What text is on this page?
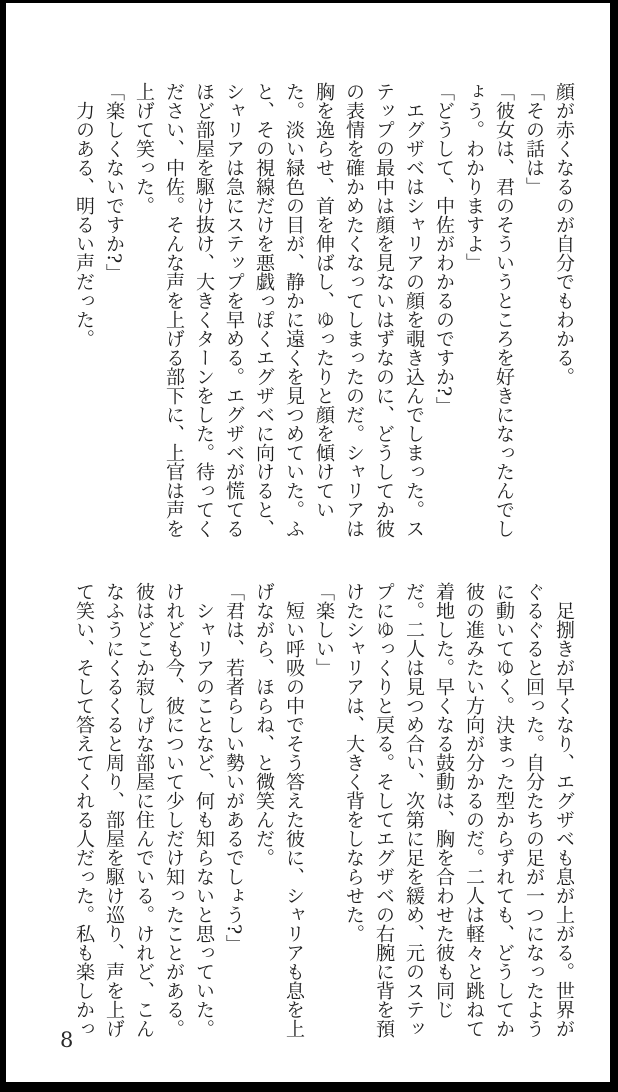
顔が赤くなるのが自分でもわかる。

「その話は」

「彼女は、君のそういうところを好きになったんでしょう。わかりますよ」

「どうして、中佐がわかるのですか?」

エグザベはシャリアの顔を覗き込んでしまった。ステップの最中は顔を見ないはずなのに、どうしてか彼の表情を確かめたくなってしまったのだ。シャリアは胸を逸らせ、首を伸ばし、ゆったりと顔を傾けていた。淡い緑色の目が、静かに遠くを見つめていた。ふと、その視線だけを悪戯っぽくエグザベに向けると、シャリアは急にステップを早める。エグザベが慌てるほど部屋を駆け抜け、大きくターンをした。待ってください、中佐。そんな声を上げる部下に、上官は声を上げて笑った。

「楽しくないですか?」

力のある、明るい声だった。

足捌きが早くなり、エグザベも息が上がる。世界がぐるぐると回った。自分たちの足が一つになったように動いてゆく。決まった型からずれても、どうしてか彼の進みたい方向が分かるのだ。二人は軽々と跳ねて着地した。早くなる鼓動は、胸を合わせた彼も同じだ。二人は見つめ合い、次第に足を緩め、元のステップにゆっくりと戻る。そしてエグザベの右腕に背を預けたシャリアは、大きく背をしならせた。

「楽しい」

短い呼吸の中でそう答えた彼に、シャリアも息を上げながら、ほらね、と微笑んだ。

「君は、若者らしい勢いがあるでしょう?」

シャリアのことなど、何も知らないと思っていた。けれども今、彼について少しだけ知ったことがある。彼はどこか寂しげな部屋に住んでいる。けれど、こんなふうにくるくると周り、部屋を駆け巡り、声を上げて笑い、そして答えてくれる人だった。私も楽しかっ

8
